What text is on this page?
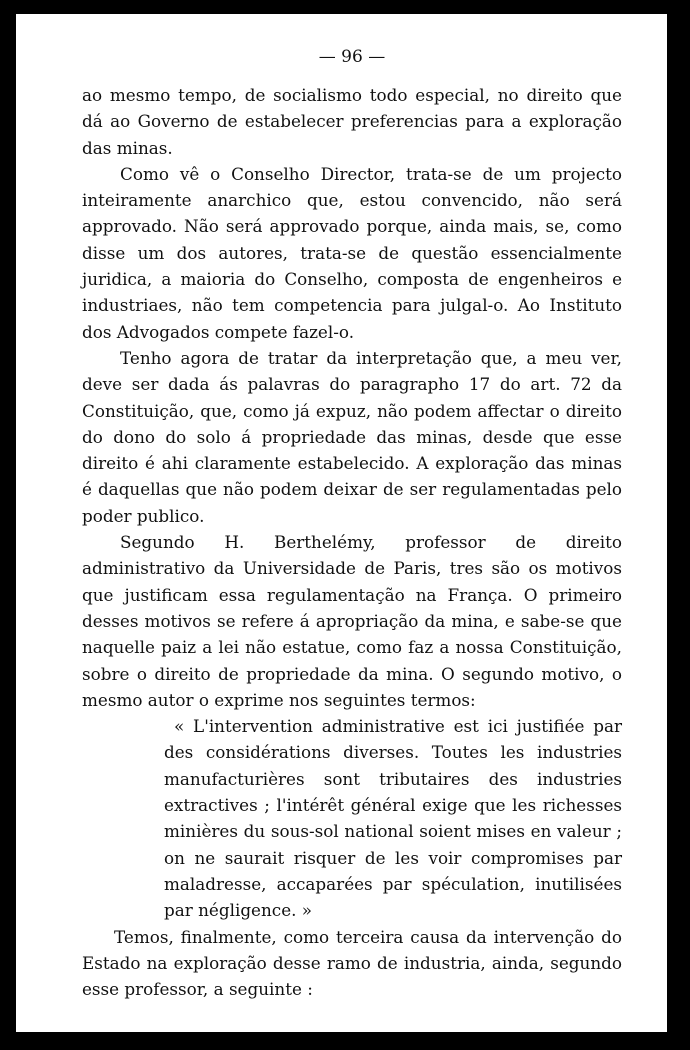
— 96 —

ao mesmo tempo, de socialismo todo especial, no direito que dá ao Governo de estabelecer preferencias para a exploração das minas.

Como vê o Conselho Director, trata-se de um projecto inteiramente anarchico que, estou convencido, não será approvado. Não será approvado porque, ainda mais, se, como disse um dos autores, trata-se de questão essencialmente juridica, a maioria do Conselho, composta de engenheiros e industriaes, não tem competencia para julgal-o. Ao Instituto dos Advogados compete fazel-o.

Tenho agora de tratar da interpretação que, a meu ver, deve ser dada ás palavras do paragrapho 17 do art. 72 da Constituição, que, como já expuz, não podem affectar o direito do dono do solo á propriedade das minas, desde que esse direito é ahi claramente estabelecido. A exploração das minas é daquellas que não podem deixar de ser regulamentadas pelo poder publico.

Segundo H. Berthelémy, professor de direito administrativo da Universidade de Paris, tres são os motivos que justificam essa regulamentação na França. O primeiro desses motivos se refere á apropriação da mina, e sabe-se que naquelle paiz a lei não estatue, como faz a nossa Constituição, sobre o direito de propriedade da mina. O segundo motivo, o mesmo autor o exprime nos seguintes termos:

« L'intervention administrative est ici justifiée par des considérations diverses. Toutes les industries manufacturières sont tributaires des industries extractives ; l'intérêt général exige que les richesses minières du sous-sol national soient mises en valeur ; on ne saurait risquer de les voir compromises par maladresse, accaparées par spéculation, inutilisées par négligence. »

Temos, finalmente, como terceira causa da intervenção do Estado na exploração desse ramo de industria, ainda, segundo esse professor, a seguinte :
